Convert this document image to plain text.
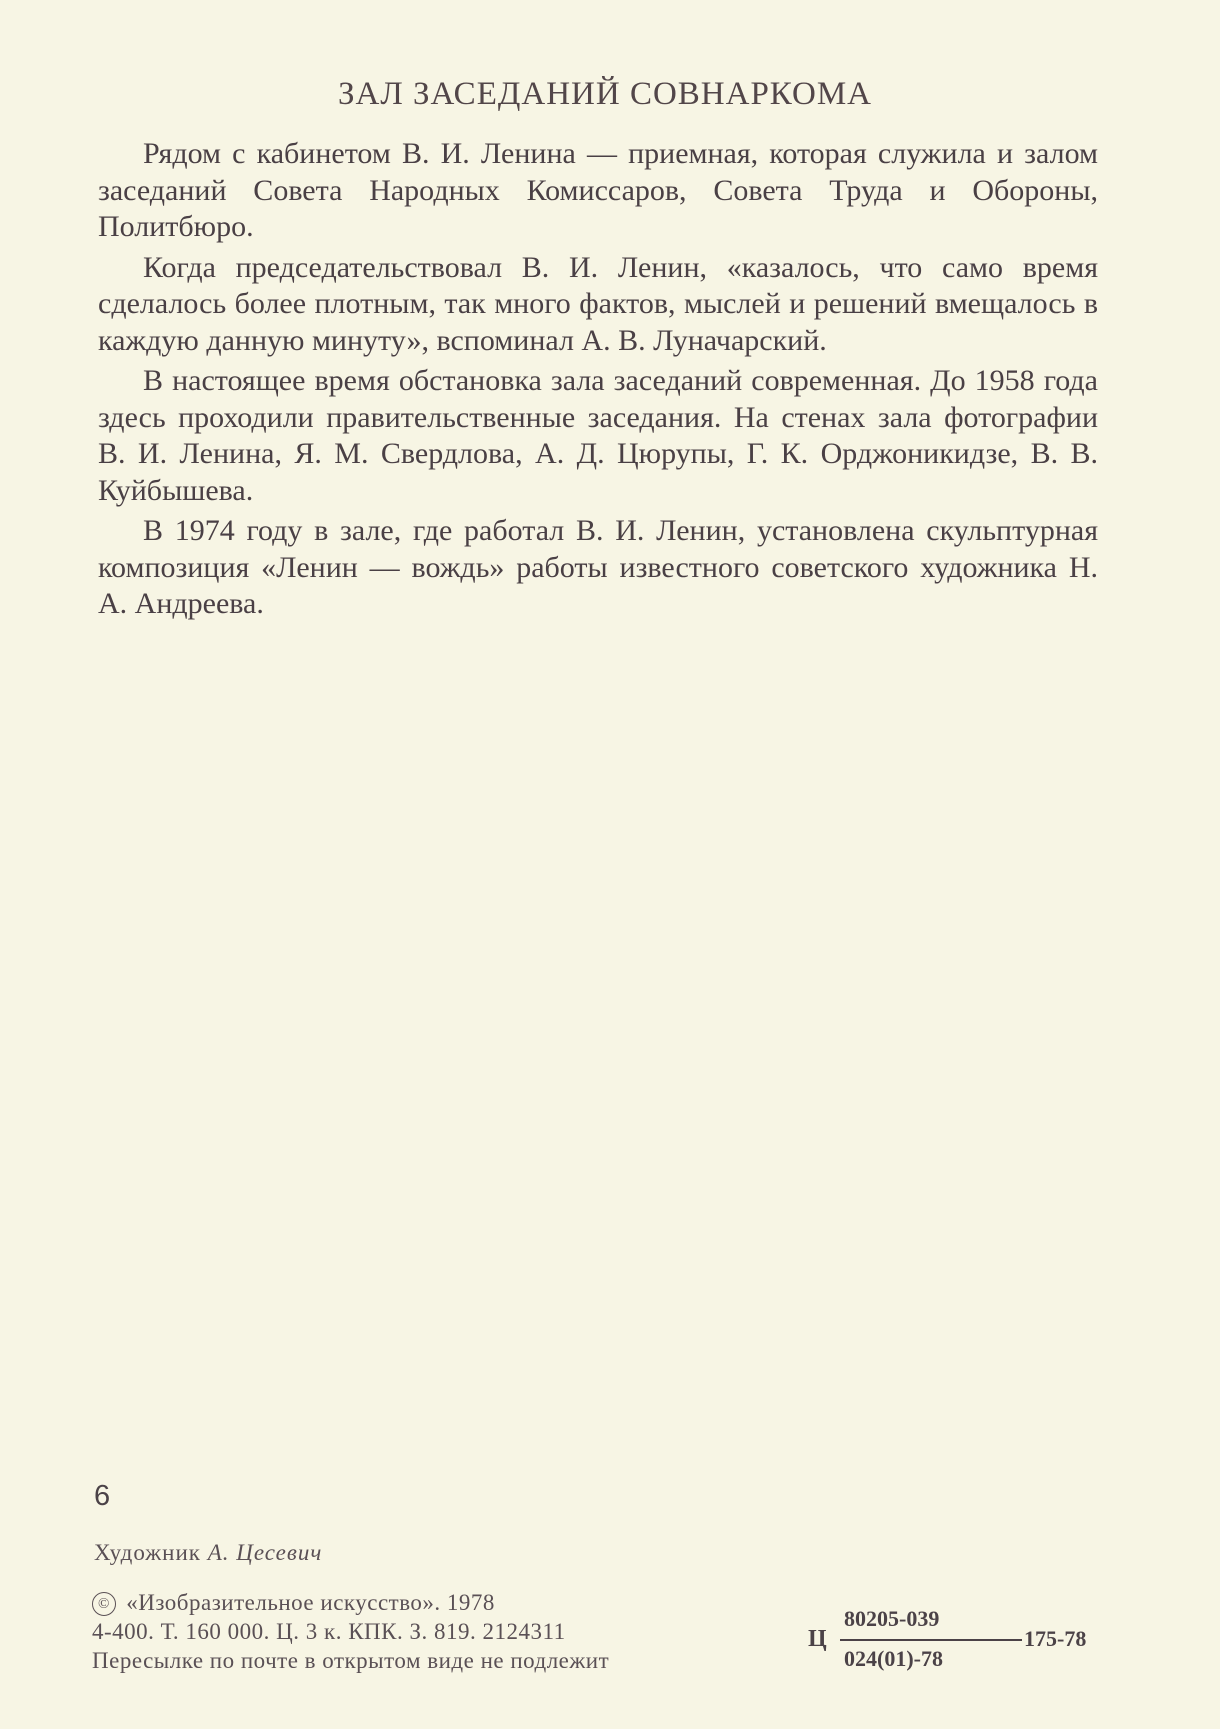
ЗАЛ ЗАСЕДАНИЙ СОВНАРКОМА

Рядом с кабинетом В. И. Ленина — приемная, которая служила и залом заседаний Совета Народных Комиссаров, Совета Труда и Обороны, Политбюро.

Когда председательствовал В. И. Ленин, «казалось, что само время сделалось более плотным, так много фактов, мыслей и решений вмещалось в каждую данную минуту», вспоминал А. В. Луначарский.

В настоящее время обстановка зала заседаний современная. До 1958 года здесь проходили правительственные заседания. На стенах зала фотографии В. И. Ленина, Я. М. Свердлова, А. Д. Цюрупы, Г. К. Орджоникидзе, В. В. Куйбышева.

В 1974 году в зале, где работал В. И. Ленин, установлена скульптурная композиция «Ленин — вождь» работы известного советского художника Н. А. Андреева.

6
Художник А. Цесевич
© «Изобразительное искусство». 1978
4-400. Т. 160 000. Ц. 3 к. КПК. З. 819. 2124311
Пересылке по почте в открытом виде не подлежит
Ц
80205-039
024(01)-78
175-78
